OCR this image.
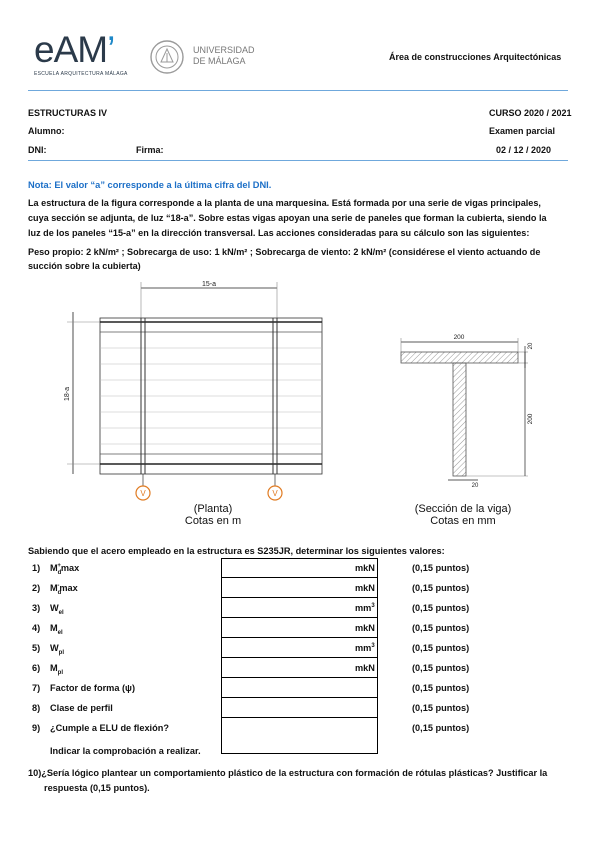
eAM’
ESCUELA ARQUITECTURA MÁLAGA
UNIVERSIDAD
DE MÁLAGA	Área de construcciones Arquitectónicas
ESTRUCTURAS IV	CURSO 2020 / 2021
Alumno:	Examen parcial
DNI:	Firma:	02 / 12 / 2020
Nota: El valor “a” corresponde a la última cifra del DNI.
La estructura de la figura corresponde a la planta de una marquesina. Está formada por una serie de vigas principales,
cuya sección se adjunta, de luz “18-a”. Sobre estas vigas apoyan una serie de paneles que forman la cubierta, siendo la
luz de los paneles “15-a” en la dirección transversal. Las acciones consideradas para su cálculo son las siguientes:
Peso propio: 2 kN/m² ; Sobrecarga de uso: 1 kN/m² ; Sobrecarga de viento: 2 kN/m² (considérese el viento actuando de
succión sobre la cubierta)
15-a
18-a
V	V
(Planta)
Cotas en m
200
20
200
20
(Sección de la viga)
Cotas en mm
Sabiendo que el acero empleado en la estructura es S235JR, determinar los siguientes valores:
1) $M_d^+\max$	mkN	(0,15 puntos)
2) $M_d^-\max$	mkN	(0,15 puntos)
3) $W_{el}$	$mm^3$	(0,15 puntos)
4) $M_{el}$	mkN	(0,15 puntos)
5) $W_{pl}$	$mm^3$	(0,15 puntos)
6) $M_{pl}$	mkN	(0,15 puntos)
7) Factor de forma (ψ)	(0,15 puntos)
8) Clase de perfil	(0,15 puntos)
9) ¿Cumple a ELU de flexión?	(0,15 puntos)
Indicar la comprobación a realizar.
10)¿Sería lógico plantear un comportamiento plástico de la estructura con formación de rótulas plásticas? Justificar la
respuesta (0,15 puntos).
